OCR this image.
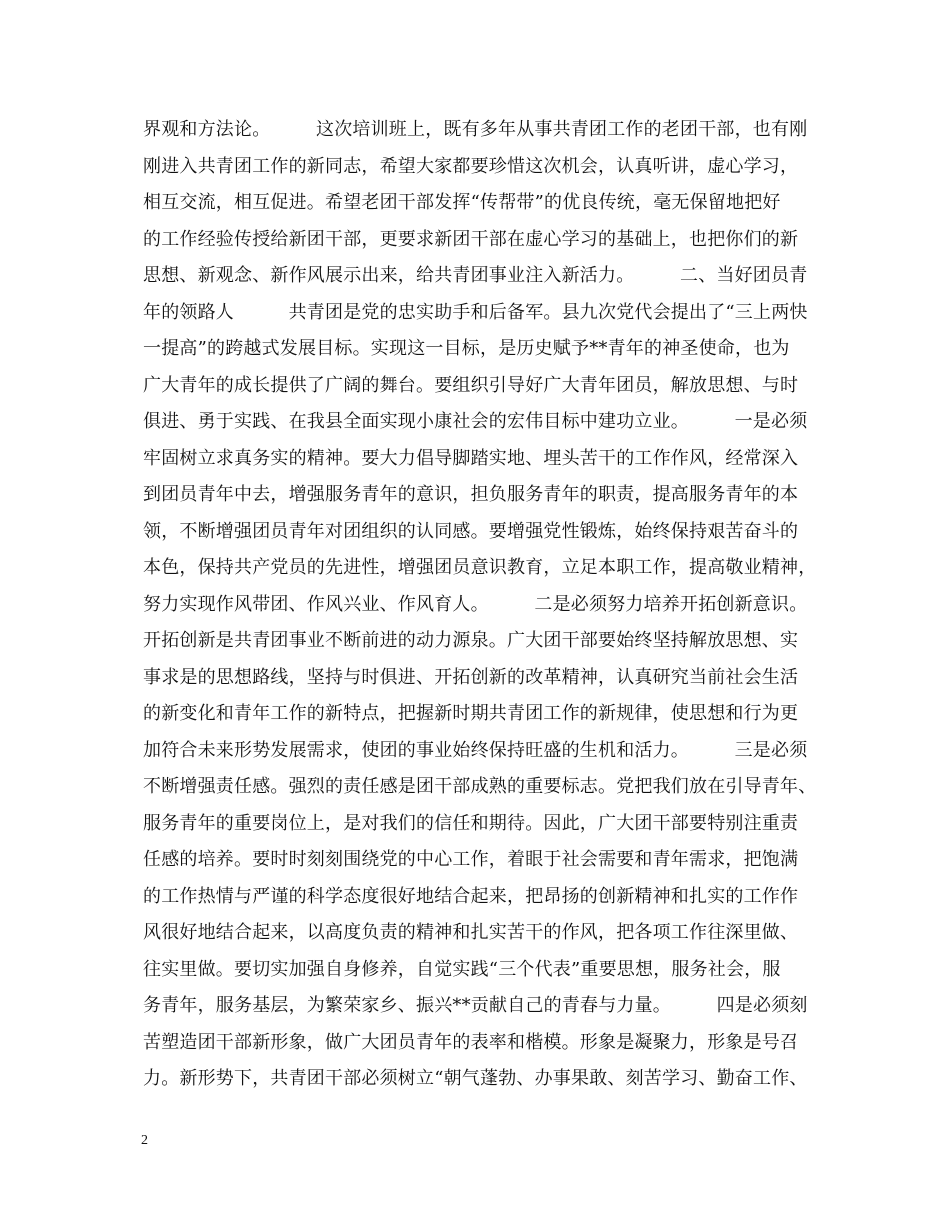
界观和方法论。　　　这次培训班上，既有多年从事共青团工作的老团干部，也有刚
刚进入共青团工作的新同志，希望大家都要珍惜这次机会，认真听讲，虚心学习，
相互交流，相互促进。希望老团干部发挥“传帮带”的优良传统，毫无保留地把好
的工作经验传授给新团干部，更要求新团干部在虚心学习的基础上，也把你们的新
思想、新观念、新作风展示出来，给共青团事业注入新活力。　　　二、当好团员青
年的领路人　　　共青团是党的忠实助手和后备军。县九次党代会提出了“三上两快
一提高”的跨越式发展目标。实现这一目标，是历史赋予**青年的神圣使命，也为
广大青年的成长提供了广阔的舞台。要组织引导好广大青年团员，解放思想、与时
俱进、勇于实践、在我县全面实现小康社会的宏伟目标中建功立业。　　　一是必须
牢固树立求真务实的精神。要大力倡导脚踏实地、埋头苦干的工作作风，经常深入
到团员青年中去，增强服务青年的意识，担负服务青年的职责，提高服务青年的本
领，不断增强团员青年对团组织的认同感。要增强党性锻炼，始终保持艰苦奋斗的
本色，保持共产党员的先进性，增强团员意识教育，立足本职工作，提高敬业精神，
努力实现作风带团、作风兴业、作风育人。　　　二是必须努力培养开拓创新意识。
开拓创新是共青团事业不断前进的动力源泉。广大团干部要始终坚持解放思想、实
事求是的思想路线，坚持与时俱进、开拓创新的改革精神，认真研究当前社会生活
的新变化和青年工作的新特点，把握新时期共青团工作的新规律，使思想和行为更
加符合未来形势发展需求，使团的事业始终保持旺盛的生机和活力。　　　三是必须
不断增强责任感。强烈的责任感是团干部成熟的重要标志。党把我们放在引导青年、
服务青年的重要岗位上，是对我们的信任和期待。因此，广大团干部要特别注重责
任感的培养。要时时刻刻围绕党的中心工作，着眼于社会需要和青年需求，把饱满
的工作热情与严谨的科学态度很好地结合起来，把昂扬的创新精神和扎实的工作作
风很好地结合起来，以高度负责的精神和扎实苦干的作风，把各项工作往深里做、
往实里做。要切实加强自身修养，自觉实践“三个代表”重要思想，服务社会，服
务青年，服务基层，为繁荣家乡、振兴**贡献自己的青春与力量。　　　四是必须刻
苦塑造团干部新形象，做广大团员青年的表率和楷模。形象是凝聚力，形象是号召
力。新形势下，共青团干部必须树立“朝气蓬勃、办事果敢、刻苦学习、勤奋工作、
2
